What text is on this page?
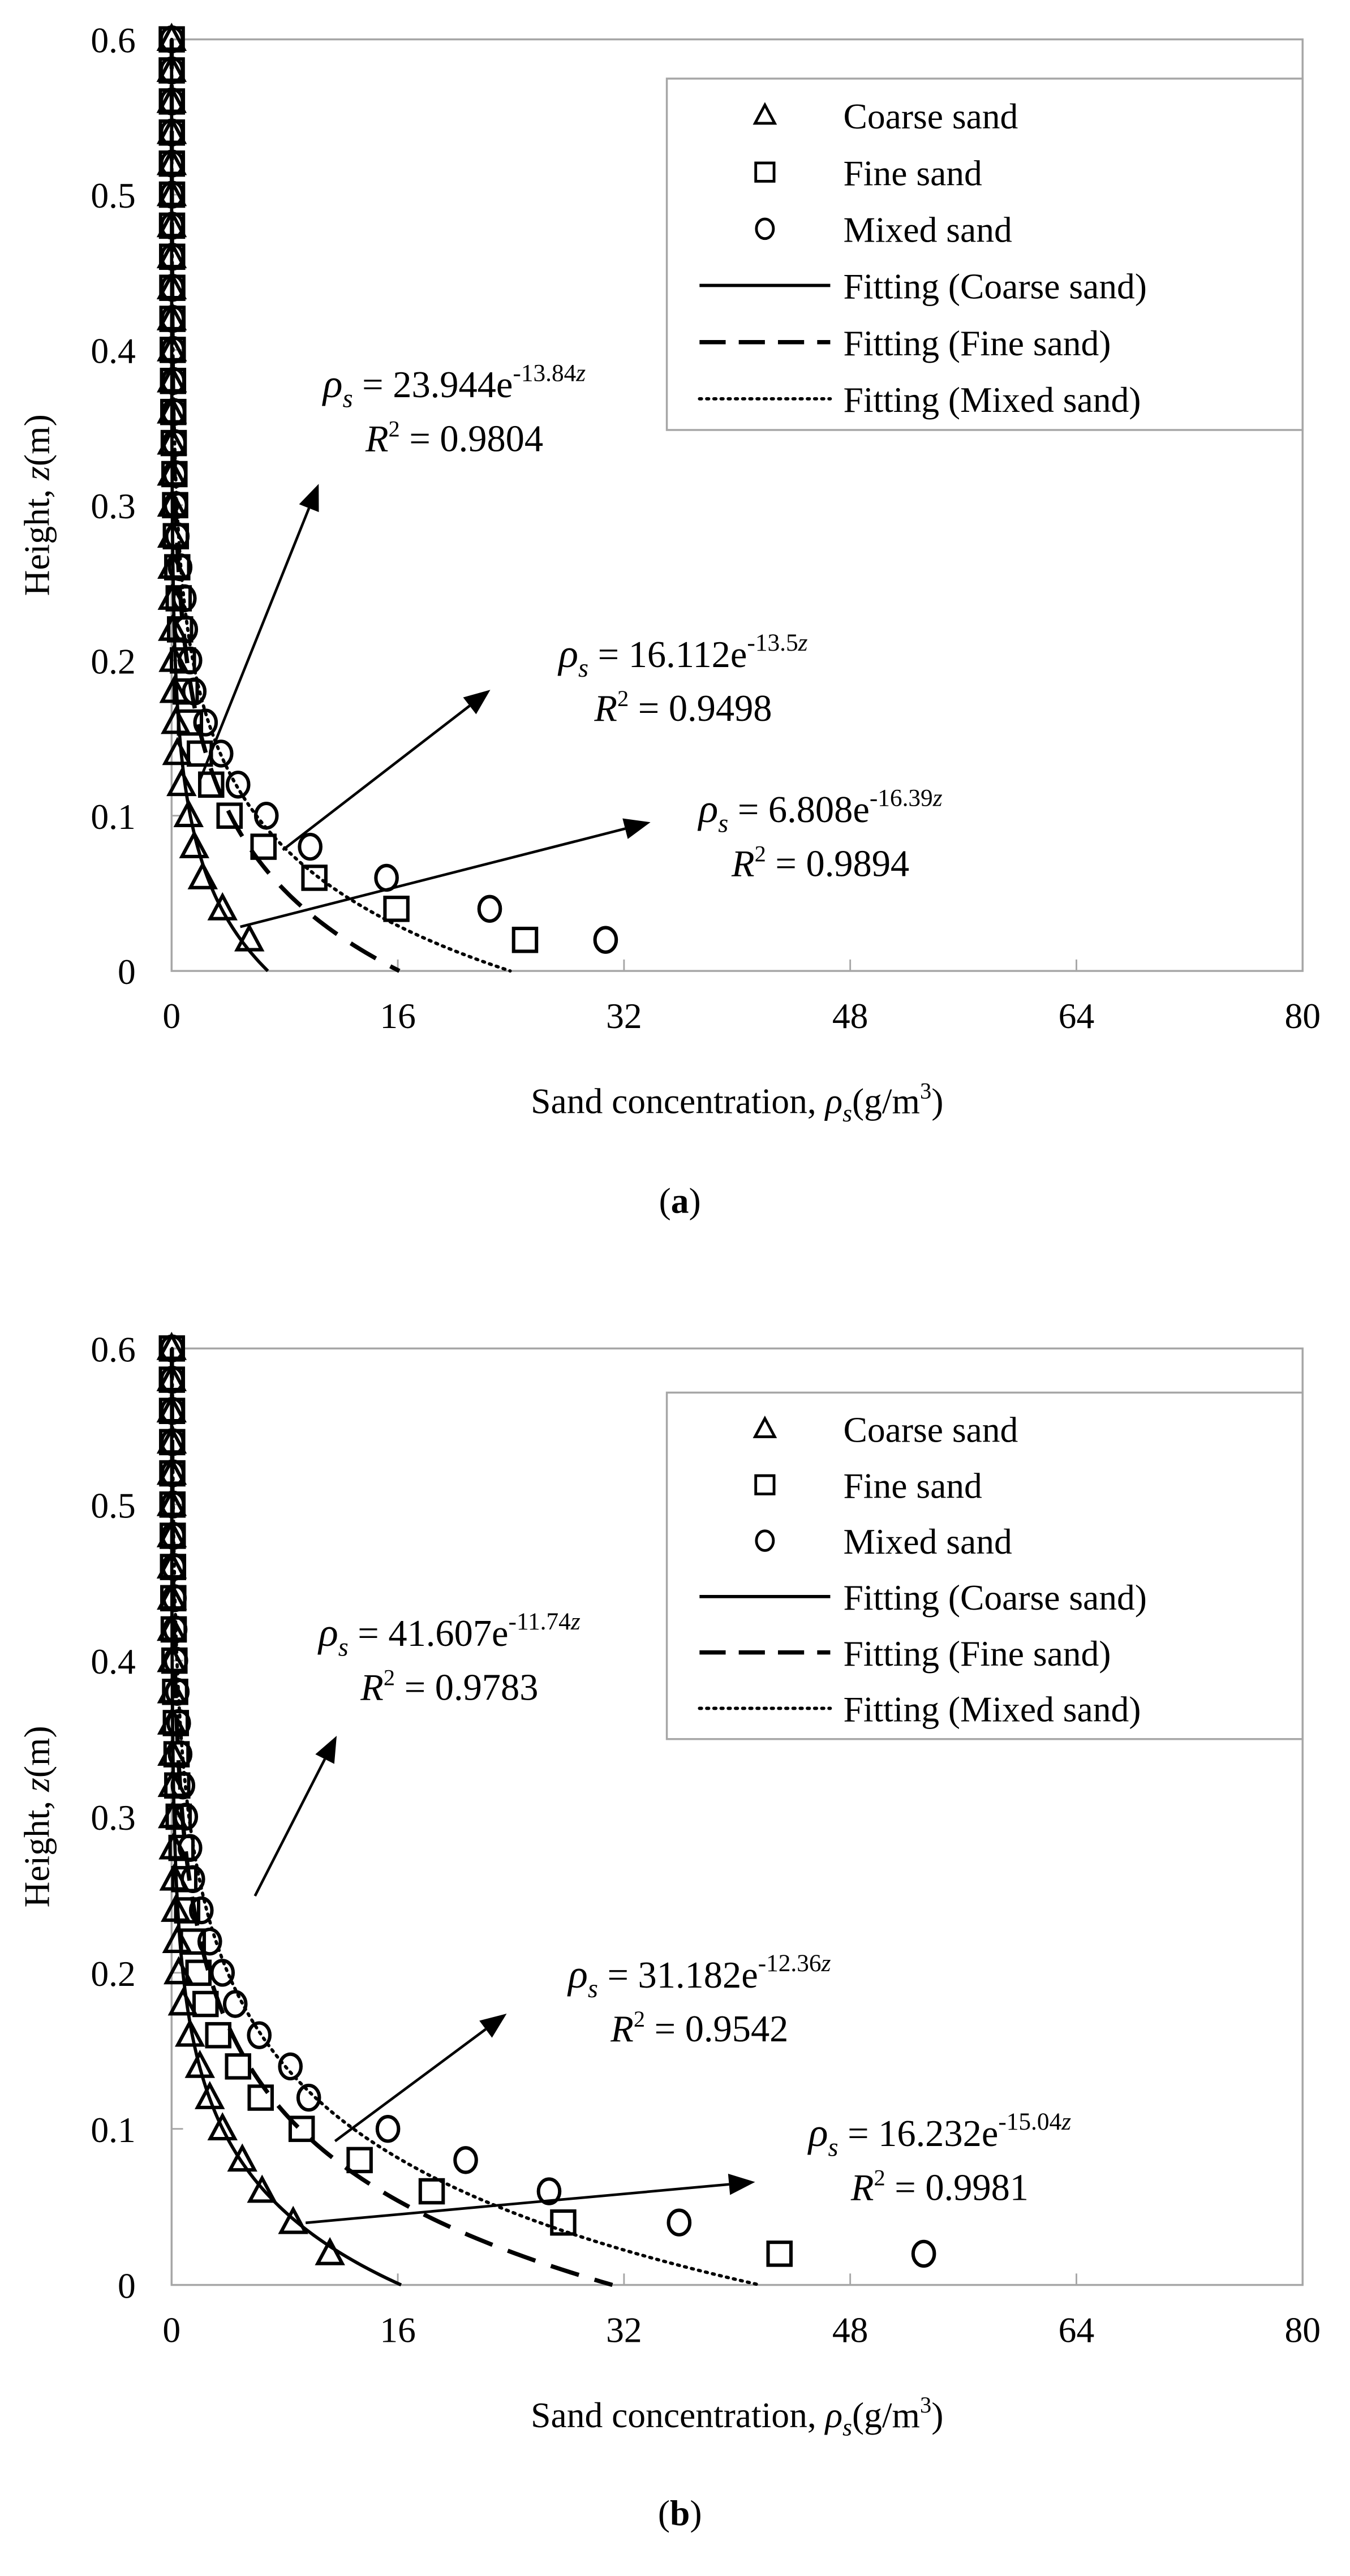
0	16	32	48	64	80
0
0.1
0.2
0.3
0.4
0.5
0.6
Sand concentration, $\rho_s(g/m^3)$
Height, z(m)
$\rho_s = 23.944e^{-13.84}z$
$R^2 = 0.9804$
$\rho_s = 16.112e^{-13.5}z$
$R^2 = 0.9498$
$\rho_s = 6.808e^{-16.39}z$
$R^2 = 0.9894$
Coarse sand
Fine sand
Mixed sand
Fitting (Coarse sand)
Fitting (Fine sand)
Fitting (Mixed sand)
(a)
0	16	32	48	64	80
0
0.1
0.2
0.3
0.4
0.5
0.6
Sand concentration, $\rho_s(g/m^3)$
Height, z(m)
$\rho_s = 41.607e^{-11.74}z$
$R^2 = 0.9783$
$\rho_s = 31.182e^{-12.36}z$
$R^2 = 0.9542$
$\rho_s = 16.232e^{-15.04}z$
$R^2 = 0.9981$
Coarse sand
Fine sand
Mixed sand
Fitting (Coarse sand)
Fitting (Fine sand)
Fitting (Mixed sand)
(b)
